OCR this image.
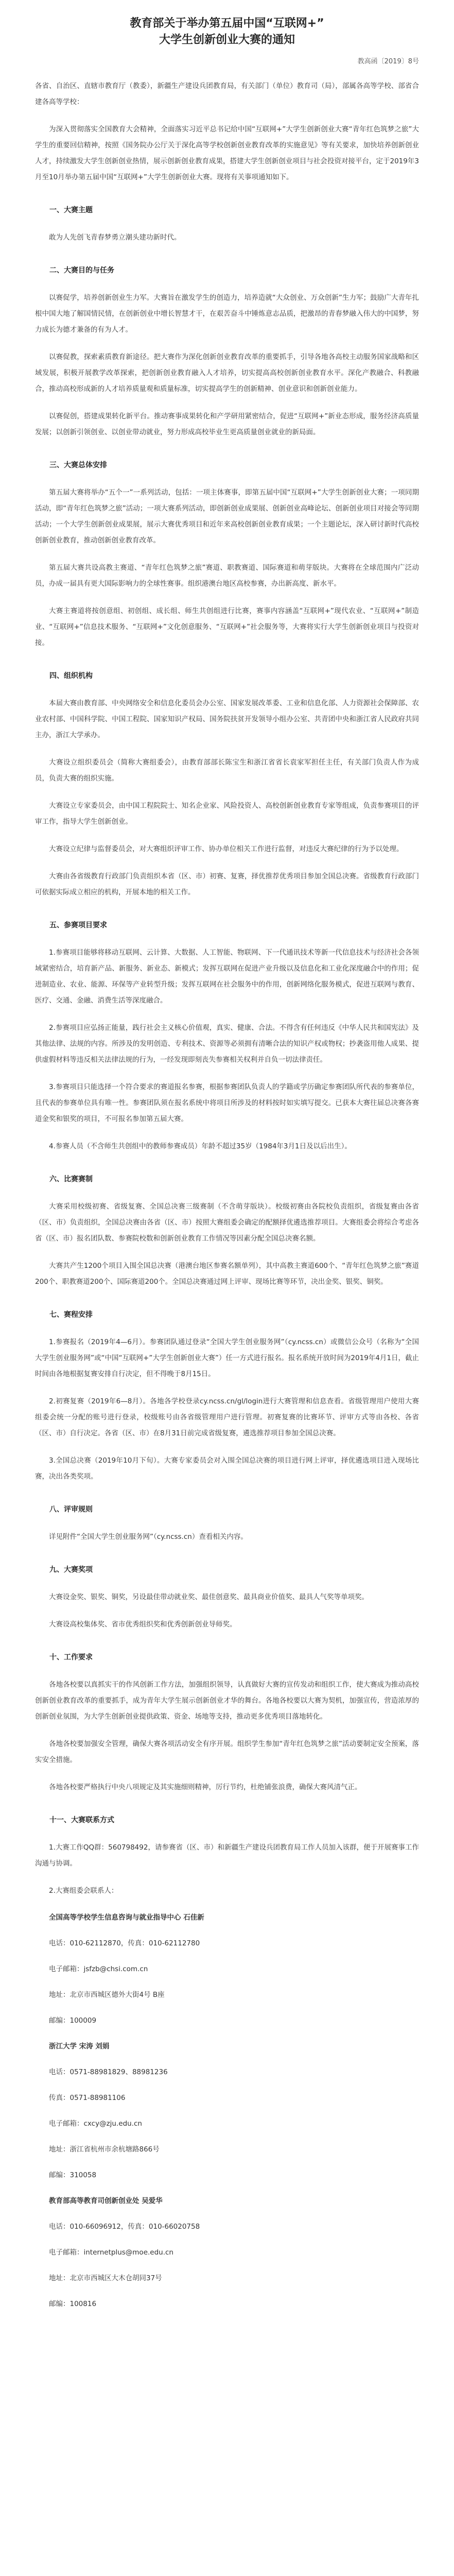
教育部关于举办第五届中国“互联网+”
大学生创新创业大赛的通知
教高函〔2019〕8号

各省、自治区、直辖市教育厅（教委），新疆生产建设兵团教育局，有关部门（单位）教育司（局），部属各高等学校、部省合建各高等学校：

为深入贯彻落实全国教育大会精神，全面落实习近平总书记给中国“互联网+”大学生创新创业大赛“青年红色筑梦之旅”大学生的重要回信精神，按照《国务院办公厅关于深化高等学校创新创业教育改革的实施意见》等有关要求，加快培养创新创业人才，持续激发大学生创新创业热情，展示创新创业教育成果，搭建大学生创新创业项目与社会投资对接平台，定于2019年3月至10月举办第五届中国“互联网+”大学生创新创业大赛。现将有关事项通知如下。

一、大赛主题

敢为人先创飞青春梦勇立潮头建功新时代。

二、大赛目的与任务

以赛促学，培养创新创业生力军。大赛旨在激发学生的创造力，培养造就“大众创业、万众创新”生力军；鼓励广大青年扎根中国大地了解国情民情，在创新创业中增长智慧才干，在艰苦奋斗中锤炼意志品质，把激昂的青春梦融入伟大的中国梦，努力成长为德才兼备的有为人才。

以赛促教，探索素质教育新途径。把大赛作为深化创新创业教育改革的重要抓手，引导各地各高校主动服务国家战略和区域发展，积极开展教学改革探索，把创新创业教育融入人才培养，切实提高高校创新创业教育水平。深化产教融合、科教融合，推动高校形成新的人才培养质量观和质量标准，切实提高学生的创新精神、创业意识和创新创业能力。

以赛促创，搭建成果转化新平台。推动赛事成果转化和产学研用紧密结合，促进“互联网+”新业态形成，服务经济高质量发展；以创新引领创业、以创业带动就业，努力形成高校毕业生更高质量创业就业的新局面。

三、大赛总体安排

第五届大赛将举办“五个一”一系列活动，包括：一项主体赛事，即第五届中国“互联网+”大学生创新创业大赛；一项同期活动，即“青年红色筑梦之旅”活动；一项大赛系列活动，即创新创业成果展、创新创业高峰论坛、创新创业项目对接会等同期活动；一个大学生创新创业成果展，展示大赛优秀项目和近年来高校创新创业教育成果；一个主题论坛，深入研讨新时代高校创新创业教育，推动创新创业教育改革。

第五届大赛共设高教主赛道、“青年红色筑梦之旅”赛道、职教赛道、国际赛道和萌芽版块。大赛将在全球范围内广泛动员，办成一届具有更大国际影响力的全球性赛事。组织港澳台地区高校参赛，办出新高度、新水平。

大赛主赛道将按创意组、初创组、成长组、师生共创组进行比赛，赛事内容涵盖“互联网+”现代农业、“互联网+”制造业、“互联网+”信息技术服务、“互联网+”文化创意服务、“互联网+”社会服务等，大赛将实行大学生创新创业项目与投资对接。

四、组织机构

本届大赛由教育部、中央网络安全和信息化委员会办公室、国家发展改革委、工业和信息化部、人力资源社会保障部、农业农村部、中国科学院、中国工程院、国家知识产权局、国务院扶贫开发领导小组办公室、共青团中央和浙江省人民政府共同主办，浙江大学承办。

大赛设立组织委员会（简称大赛组委会），由教育部部长陈宝生和浙江省省长袁家军担任主任，有关部门负责人作为成员，负责大赛的组织实施。

大赛设立专家委员会，由中国工程院院士、知名企业家、风险投资人、高校创新创业教育专家等组成，负责参赛项目的评审工作，指导大学生创新创业。

大赛设立纪律与监督委员会，对大赛组织评审工作、协办单位相关工作进行监督，对违反大赛纪律的行为予以处理。

大赛由各省级教育行政部门负责组织本省（区、市）初赛、复赛，择优推荐优秀项目参加全国总决赛。省级教育行政部门可依据实际成立相应的机构，开展本地的相关工作。

五、参赛项目要求

1.参赛项目能够将移动互联网、云计算、大数据、人工智能、物联网、下一代通讯技术等新一代信息技术与经济社会各领域紧密结合，培育新产品、新服务、新业态、新模式；发挥互联网在促进产业升级以及信息化和工业化深度融合中的作用；促进制造业、农业、能源、环保等产业转型升级；发挥互联网在社会服务中的作用，创新网络化服务模式，促进互联网与教育、医疗、交通、金融、消费生活等深度融合。

2.参赛项目应弘扬正能量，践行社会主义核心价值观，真实、健康、合法。不得含有任何违反《中华人民共和国宪法》及其他法律、法规的内容。所涉及的发明创造、专利技术、资源等必须拥有清晰合法的知识产权或物权；抄袭盗用他人成果、提供虚假材料等违反相关法律法规的行为，一经发现即刻丧失参赛相关权利并自负一切法律责任。

3.参赛项目只能选择一个符合要求的赛道报名参赛，根据参赛团队负责人的学籍或学历确定参赛团队所代表的参赛单位，且代表的参赛单位具有唯一性。参赛团队须在报名系统中将项目所涉及的材料按时如实填写提交。已获本大赛往届总决赛各赛道金奖和银奖的项目，不可报名参加第五届大赛。

4.参赛人员（不含师生共创组中的教师参赛成员）年龄不超过35岁（1984年3月1日及以后出生）。

六、比赛赛制

大赛采用校级初赛、省级复赛、全国总决赛三级赛制（不含萌芽版块）。校级初赛由各院校负责组织，省级复赛由各省（区、市）负责组织，全国总决赛由各省（区、市）按照大赛组委会确定的配额择优遴选推荐项目。大赛组委会将综合考虑各省（区、市）报名团队数、参赛院校数和创新创业教育工作情况等因素分配全国总决赛名额。

大赛共产生1200个项目入围全国总决赛（港澳台地区参赛名额单列），其中高教主赛道600个、“青年红色筑梦之旅”赛道200个、职教赛道200个、国际赛道200个。全国总决赛通过网上评审、现场比赛等环节，决出金奖、银奖、铜奖。

七、赛程安排

1.参赛报名（2019年4—6月）。参赛团队通过登录“全国大学生创业服务网”（cy.ncss.cn）或微信公众号（名称为“全国大学生创业服务网”或“中国“互联网+”大学生创新创业大赛”）任一方式进行报名。报名系统开放时间为2019年4月1日，截止时间由各地根据复赛安排自行决定，但不得晚于8月15日。

2.初赛复赛（2019年6—8月）。各地各学校登录cy.ncss.cn/gl/login进行大赛管理和信息查看。省级管理用户使用大赛组委会统一分配的账号进行登录，校级账号由各省级管理用户进行管理。初赛复赛的比赛环节、评审方式等由各校、各省（区、市）自行决定。各省（区、市）在8月31日前完成省级复赛，遴选推荐项目参加全国总决赛。

3.全国总决赛（2019年10月下旬）。大赛专家委员会对入围全国总决赛的项目进行网上评审，择优遴选项目进入现场比赛，决出各类奖项。

八、评审规则

详见附件“全国大学生创业服务网”（cy.ncss.cn）查看相关内容。

九、大赛奖项

大赛设金奖、银奖、铜奖，另设最佳带动就业奖、最佳创意奖、最具商业价值奖、最具人气奖等单项奖。

大赛设高校集体奖、省市优秀组织奖和优秀创新创业导师奖。

十、工作要求

各地各校要以真抓实干的作风创新工作方法，加强组织领导，认真做好大赛的宣传发动和组织工作，使大赛成为推动高校创新创业教育改革的重要抓手，成为青年大学生展示创新创业才华的舞台。各地各校要以大赛为契机，加强宣传，营造浓厚的创新创业氛围，为大学生创新创业提供政策、资金、场地等支持，推动更多优秀项目落地转化。

各地各校要加强安全管理，确保大赛各项活动安全有序开展。组织学生参加“青年红色筑梦之旅”活动要制定安全预案，落实安全措施。

各地各校要严格执行中央八项规定及其实施细则精神，厉行节约，杜绝铺张浪费，确保大赛风清气正。

十一、大赛联系方式

1.大赛工作QQ群：560798492，请参赛省（区、市）和新疆生产建设兵团教育局工作人员加入该群，便于开展赛事工作沟通与协调。

2.大赛组委会联系人：

全国高等学校学生信息咨询与就业指导中心 石佳新
电话：010-62112870，传真：010-62112780
电子邮箱：jsfzb@chsi.com.cn
地址：北京市西城区德外大街4号 B座
邮编：100009
浙江大学 宋涛 刘娟
电话：0571-88981829、88981236
传真：0571-88981106
电子邮箱：cxcy@zju.edu.cn
地址：浙江省杭州市余杭塘路866号
邮编：310058
教育部高等教育司创新创业处 吴爱华
电话：010-66096912，传真：010-66020758
电子邮箱：internetplus@moe.edu.cn
地址：北京市西城区大木仓胡同37号
邮编：100816
